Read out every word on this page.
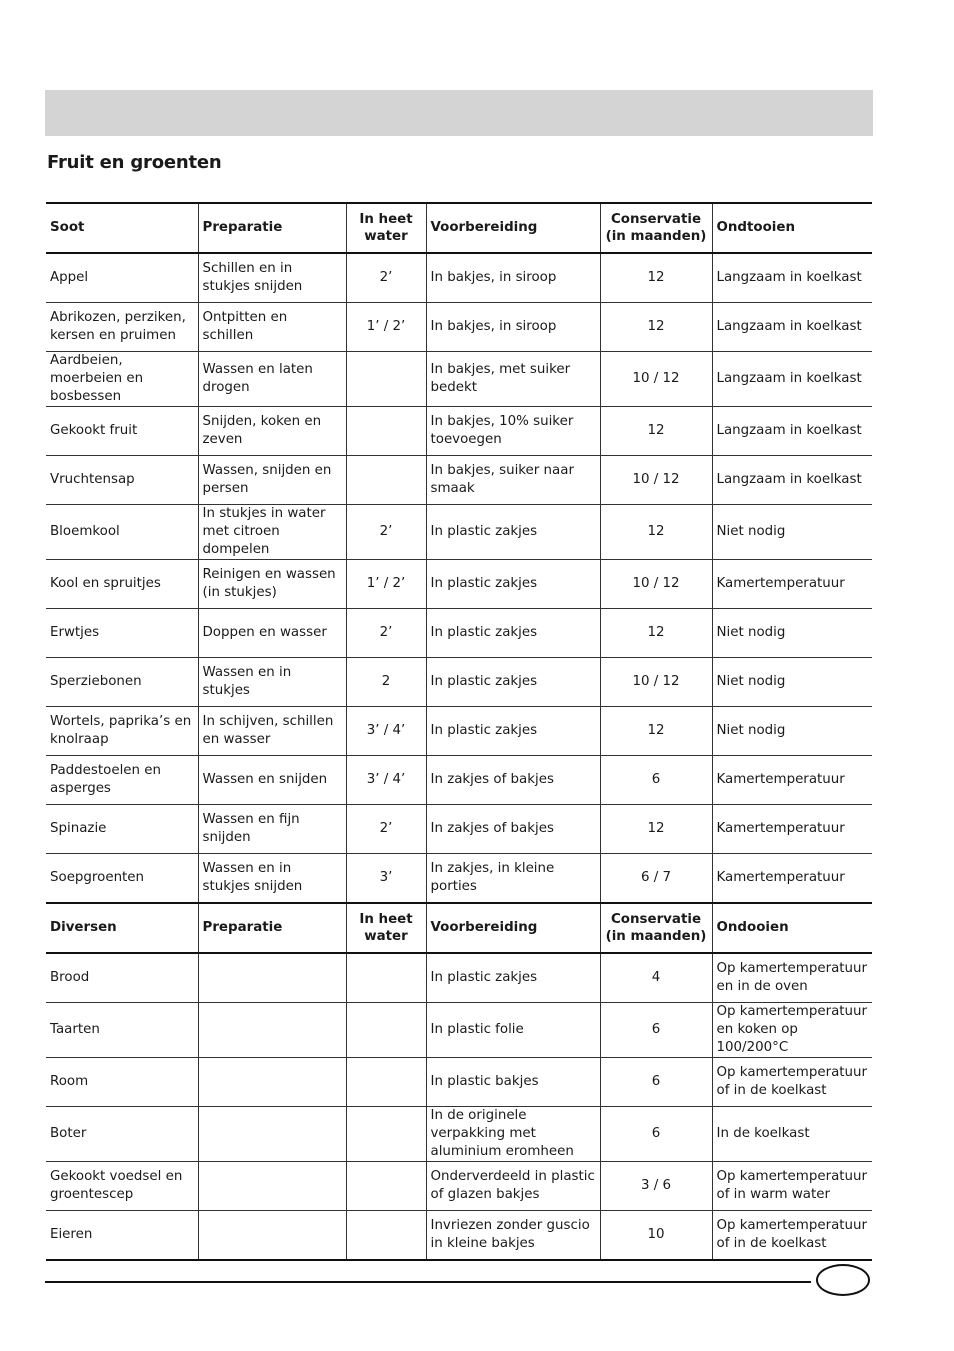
Fruit en groenten
Soot	Preparatie	In heet water	Voorbereiding	Conservatie (in maanden)	Ondtooien
Appel	Schillen en in stukjes snijden	2’	In bakjes, in siroop	12	Langzaam in koelkast
Abrikozen, perziken, kersen en pruimen	Ontpitten en schillen	1’ / 2’	In bakjes, in siroop	12	Langzaam in koelkast
Aardbeien, moerbeien en bosbessen	Wassen en laten drogen		In bakjes, met suiker bedekt	10 / 12	Langzaam in koelkast
Gekookt fruit	Snijden, koken en zeven		In bakjes, 10% suiker toevoegen	12	Langzaam in koelkast
Vruchtensap	Wassen, snijden en persen		In bakjes, suiker naar smaak	10 / 12	Langzaam in koelkast
Bloemkool	In stukjes in water met citroen dompelen	2’	In plastic zakjes	12	Niet nodig
Kool en spruitjes	Reinigen en wassen (in stukjes)	1’ / 2’	In plastic zakjes	10 / 12	Kamertemperatuur
Erwtjes	Doppen en wasser	2’	In plastic zakjes	12	Niet nodig
Sperziebonen	Wassen en in stukjes	2	In plastic zakjes	10 / 12	Niet nodig
Wortels, paprika’s en knolraap	In schijven, schillen en wasser	3’ / 4’	In plastic zakjes	12	Niet nodig
Paddestoelen en asperges	Wassen en snijden	3’ / 4’	In zakjes of bakjes	6	Kamertemperatuur
Spinazie	Wassen en fijn snijden	2’	In zakjes of bakjes	12	Kamertemperatuur
Soepgroenten	Wassen en in stukjes snijden	3’	In zakjes, in kleine porties	6 / 7	Kamertemperatuur
Diversen	Preparatie	In heet water	Voorbereiding	Conservatie (in maanden)	Ondooien
Brood			In plastic zakjes	4	Op kamertemperatuur en in de oven
Taarten			In plastic folie	6	Op kamertemperatuur en koken op 100/200°C
Room			In plastic bakjes	6	Op kamertemperatuur of in de koelkast
Boter			In de originele verpakking met aluminium eromheen	6	In de koelkast
Gekookt voedsel en groentescep			Onderverdeeld in plastic of glazen bakjes	3 / 6	Op kamertemperatuur of in warm water
Eieren			Invriezen zonder guscio in kleine bakjes	10	Op kamertemperatuur of in de koelkast
